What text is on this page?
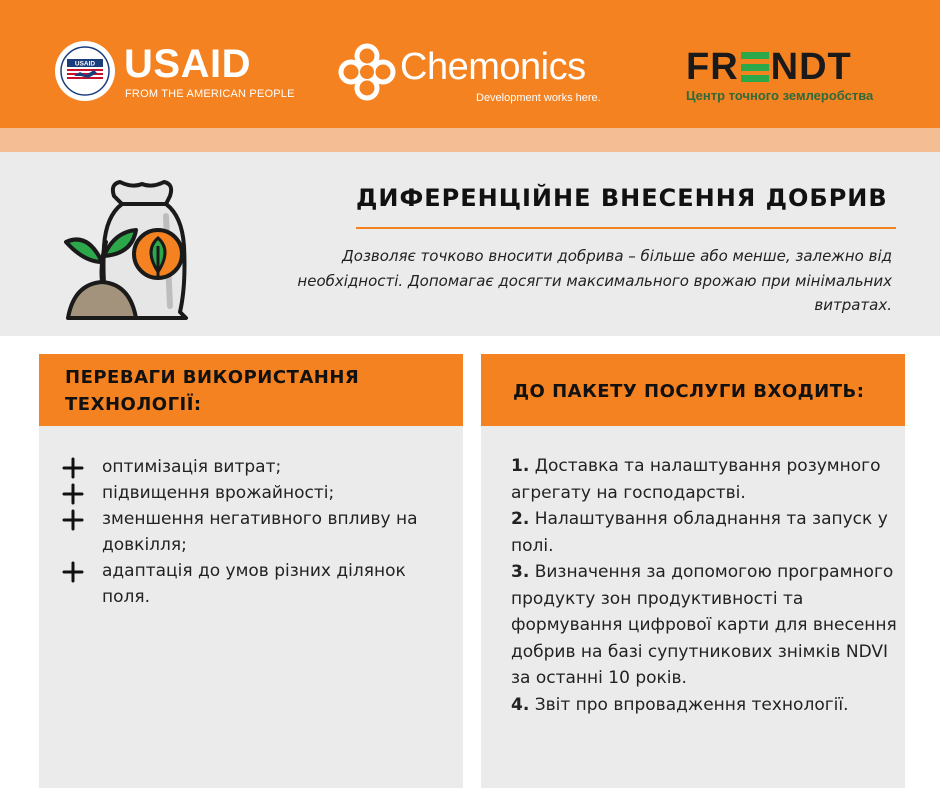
USAID USAID
FROM THE AMERICAN PEOPLE
Chemonics
Development works here.
FR NDT
Центр точного землеробства
ДИФЕРЕНЦІЙНЕ ВНЕСЕННЯ ДОБРИВ
Дозволяє точково вносити добрива – більше або менше, залежно від необхідності. Допомагає досягти максимального врожаю при мінімальних витратах.
ПЕРЕВАГИ ВИКОРИСТАННЯ ТЕХНОЛОГІЇ:
оптимізація витрат;
підвищення врожайності;
зменшення негативного впливу на довкілля;
адаптація до умов різних ділянок поля.
ДО ПАКЕТУ ПОСЛУГИ ВХОДИТЬ:
1. Доставка та налаштування розумного агрегату на господарстві.
2. Налаштування обладнання та запуск у полі.
3. Визначення за допомогою програмного продукту зон продуктивності та формування цифрової карти для внесення добрив на базі супутникових знімків NDVI за останні 10 років.
4. Звіт про впровадження технології.
